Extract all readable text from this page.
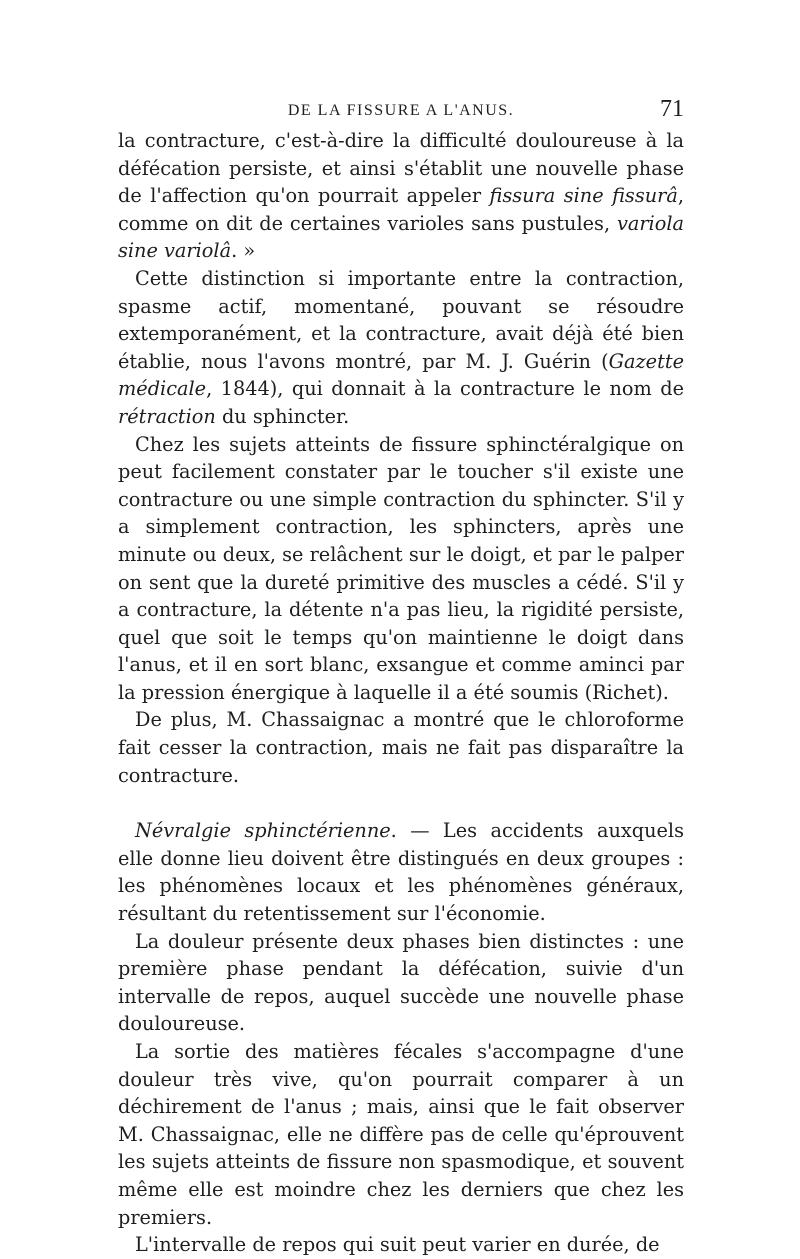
DE LA FISSURE A L'ANUS.	71

la contracture, c'est-à-dire la difficulté douloureuse à la défécation persiste, et ainsi s'établit une nouvelle phase de l'affection qu'on pourrait appeler fissura sine fissurâ, comme on dit de certaines varioles sans pustules, variola sine variolâ. »

Cette distinction si importante entre la contraction, spasme actif, momentané, pouvant se résoudre extemporanément, et la contracture, avait déjà été bien établie, nous l'avons montré, par M. J. Guérin (Gazette médicale, 1844), qui donnait à la contracture le nom de rétraction du sphincter.

Chez les sujets atteints de fissure sphinctéralgique on peut facilement constater par le toucher s'il existe une contracture ou une simple contraction du sphincter. S'il y a simplement contraction, les sphincters, après une minute ou deux, se relâchent sur le doigt, et par le palper on sent que la dureté primitive des muscles a cédé. S'il y a contracture, la détente n'a pas lieu, la rigidité persiste, quel que soit le temps qu'on maintienne le doigt dans l'anus, et il en sort blanc, exsangue et comme aminci par la pression énergique à laquelle il a été soumis (Richet).

De plus, M. Chassaignac a montré que le chloroforme fait cesser la contraction, mais ne fait pas disparaître la contracture.

Névralgie sphinctérienne. — Les accidents auxquels elle donne lieu doivent être distingués en deux groupes : les phénomènes locaux et les phénomènes généraux, résultant du retentissement sur l'économie.

La douleur présente deux phases bien distinctes : une première phase pendant la défécation, suivie d'un intervalle de repos, auquel succède une nouvelle phase douloureuse.

La sortie des matières fécales s'accompagne d'une douleur très vive, qu'on pourrait comparer à un déchirement de l'anus ; mais, ainsi que le fait observer M. Chassaignac, elle ne diffère pas de celle qu'éprouvent les sujets atteints de fissure non spasmodique, et souvent même elle est moindre chez les derniers que chez les premiers.

L'intervalle de repos qui suit peut varier en durée, de
